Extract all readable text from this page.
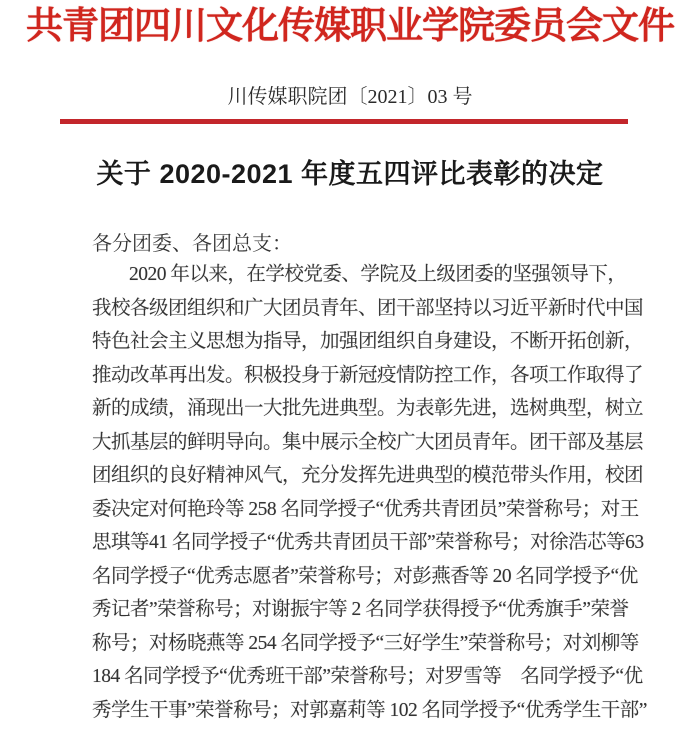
共青团四川文化传媒职业学院委员会文件
川传媒职院团〔2021〕03 号
关于 2020-2021 年度五四评比表彰的决定
各分团委、各团总支：
2020 年以来，在学校党委、学院及上级团委的坚强领导下，
我校各级团组织和广大团员青年、团干部坚持以习近平新时代中国
特色社会主义思想为指导，加强团组织自身建设，不断开拓创新，
推动改革再出发。积极投身于新冠疫情防控工作，各项工作取得了
新的成绩，涌现出一大批先进典型。为表彰先进，选树典型，树立
大抓基层的鲜明导向。集中展示全校广大团员青年。团干部及基层
团组织的良好精神风气，充分发挥先进典型的模范带头作用，校团
委决定对何艳玲等 258 名同学授子“优秀共青团员”荣誉称号；对王
思琪等41 名同学授子“优秀共青团员干部”荣誉称号；对徐浩芯等63
名同学授子“优秀志愿者”荣誉称号；对彭燕香等 20 名同学授予“优
秀记者”荣誉称号；对谢振宇等 2 名同学获得授予“优秀旗手”荣誉
称号；对杨晓燕等 254 名同学授予“三好学生”荣誉称号；对刘柳等
184 名同学授予“优秀班干部”荣誉称号；对罗雪等　名同学授予“优
秀学生干事”荣誉称号；对郭嘉莉等 102 名同学授予“优秀学生干部”
